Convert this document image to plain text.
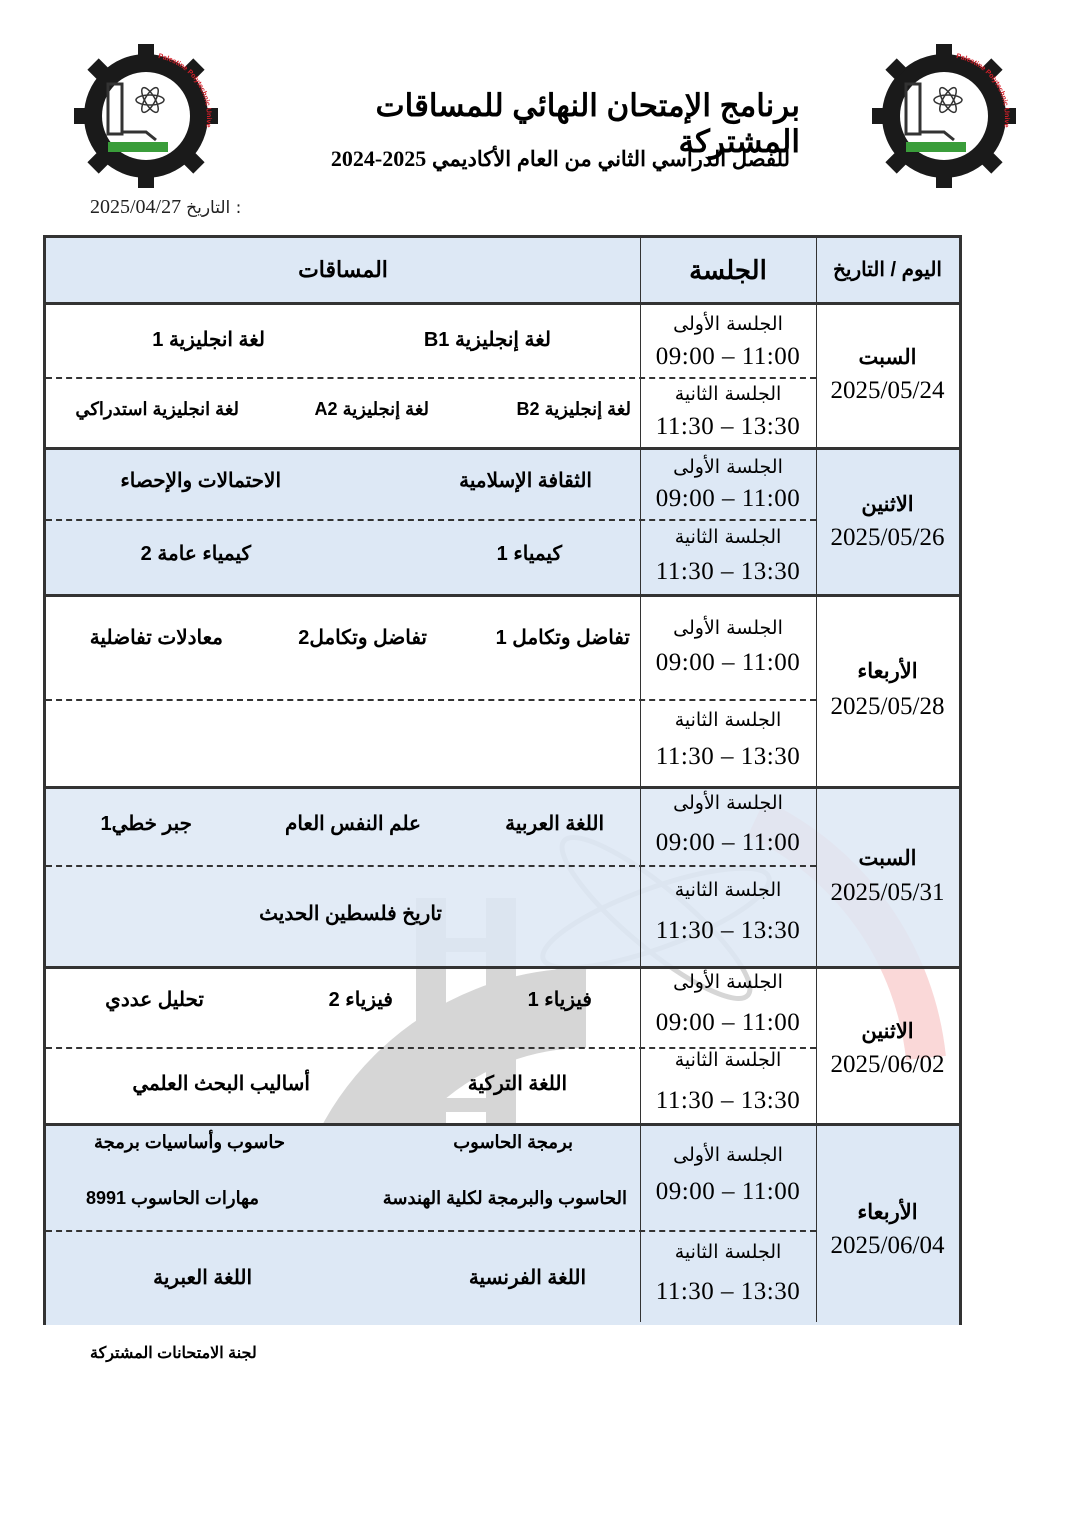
Palestine Polytechnic Unive
Palestine Polytechnic Unive
برنامج الإمتحان النهائي للمساقات المشتركة
للفصل الدراسي الثاني من العام الأكاديمي 2025-2024
2025/04/27 التاريخ :
اليوم / التاريخ
الجلسة
المساقات
الجلسة الأولى
09:00 – 11:00
لغة إنجليزية B1
لغة انجليزية 1
الجلسة الثانية
11:30 – 13:30
لغة إنجليزية B2
لغة إنجليزية A2
لغة انجليزية استدراكي
السبت
2025/05/24
الجلسة الأولى
09:00 – 11:00
الثقافة الإسلامية
الاحتمالات والإحصاء
الجلسة الثانية
11:30 – 13:30
كيمياء 1
كيمياء عامة 2
الاثنين
2025/05/26
الجلسة الأولى
09:00 – 11:00
تفاضل وتكامل 1
تفاضل وتكامل2
معادلات تفاضلية
الجلسة الثانية
11:30 – 13:30
الأربعاء
2025/05/28
الجلسة الأولى
09:00 – 11:00
اللغة العربية
علم النفس العام
جبر خطي1
الجلسة الثانية
11:30 – 13:30
تاريخ فلسطين الحديث
السبت
2025/05/31
الجلسة الأولى
09:00 – 11:00
فيزياء 1
فيزياء 2
تحليل عددي
الجلسة الثانية
11:30 – 13:30
اللغة التركية
أساليب البحث العلمي
الاثنين
2025/06/02
الجلسة الأولى
09:00 – 11:00
برمجة الحاسوب
حاسوب وأساسيات برمجة
الحاسوب والبرمجة لكلية الهندسة
مهارات الحاسوب 8991
الجلسة الثانية
11:30 – 13:30
اللغة الفرنسية
اللغة العبرية
الأربعاء
2025/06/04
لجنة الامتحانات المشتركة
